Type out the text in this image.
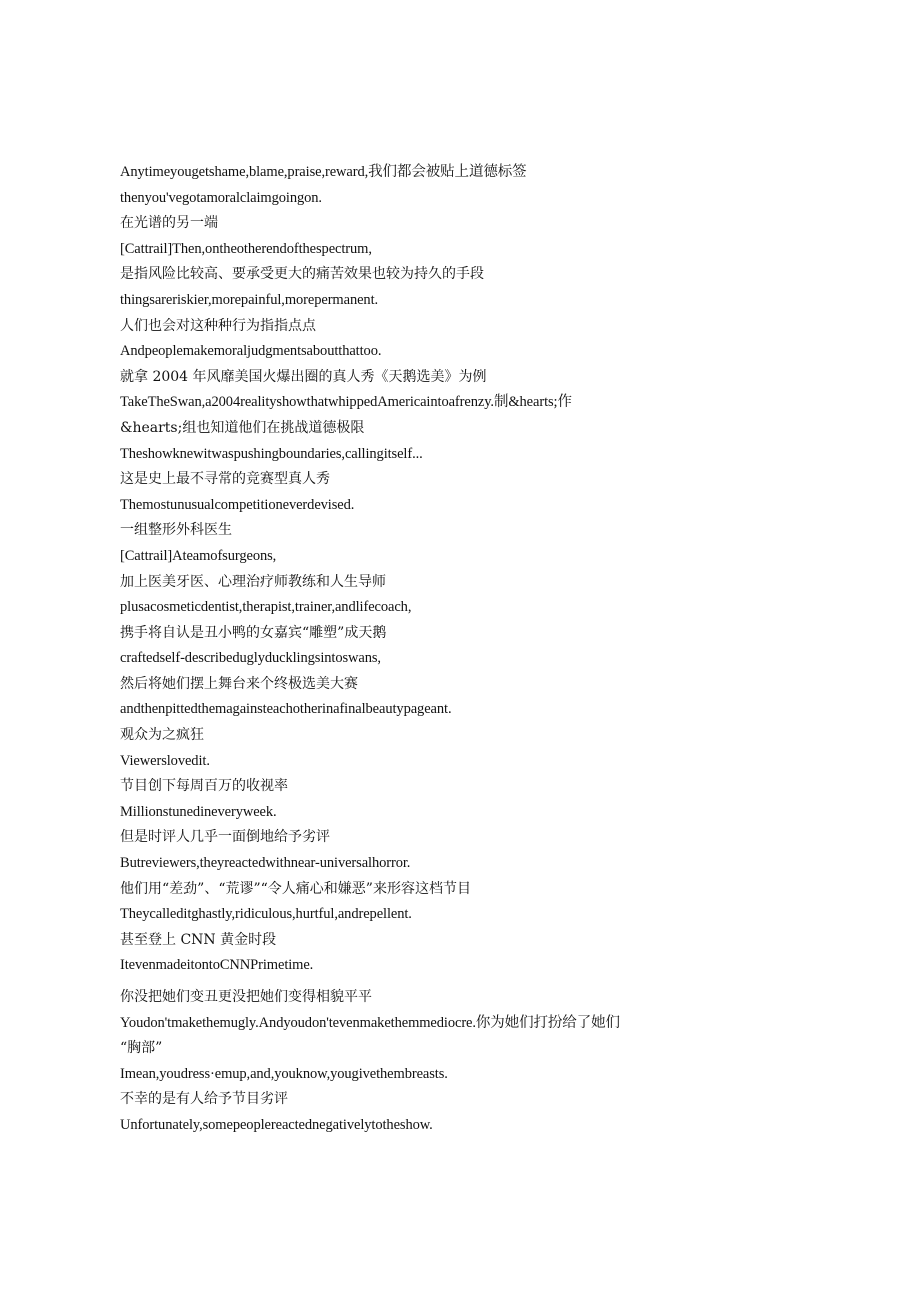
Anytimeyougetshame,blame,praise,reward,我们都会被贴上道德标签
thenyou'vegotamoralclaimgoingon.
在光谱的另一端
[Cattrail]Then,ontheotherendofthespectrum,
是指风险比较高、要承受更大的痛苦效果也较为持久的手段
thingsareriskier,morepainful,morepermanent.
人们也会对这种种行为指指点点
Andpeoplemakemoraljudgmentsaboutthattoo.
就拿 2004 年风靡美国火爆出圈的真人秀《天鹅选美》为例
TakeTheSwan,a2004realityshowthatwhippedAmericaintoafrenzy.制&hearts;作
&hearts;组也知道他们在挑战道德极限
Theshowknewitwaspushingboundaries,callingitself...
这是史上最不寻常的竞赛型真人秀
Themostunusualcompetitioneverdevised.
一组整形外科医生
[Cattrail]Ateamofsurgeons,
加上医美牙医、心理治疗师教练和人生导师
plusacosmeticdentist,therapist,trainer,andlifecoach,
携手将自认是丑小鸭的女嘉宾“雕塑”成天鹅
craftedself-describeduglyducklingsintoswans,
然后将她们摆上舞台来个终极选美大赛
andthenpittedthemagainsteachotherinafinalbeautypageant.
观众为之疯狂
Viewerslovedit.
节目创下每周百万的收视率
Millionstunedineveryweek.
但是时评人几乎一面倒地给予劣评
Butreviewers,theyreactedwithnear-universalhorror.
他们用“差劲”、“荒谬”“令人痛心和嫌恶”来形容这档节目
Theycalleditghastly,ridiculous,hurtful,andrepellent.
甚至登上 CNN 黄金时段
ItevenmadeitontoCNNPrimetime.
你没把她们变丑更没把她们变得相貌平平
Youdon'tmakethemugly.Andyoudon'tevenmakethemmediocre.你为她们打扮给了她们
“胸部”
Imean,youdress·emup,and,youknow,yougivethembreasts.
不幸的是有人给予节目劣评
Unfortunately,somepeoplereactednegativelytotheshow.
